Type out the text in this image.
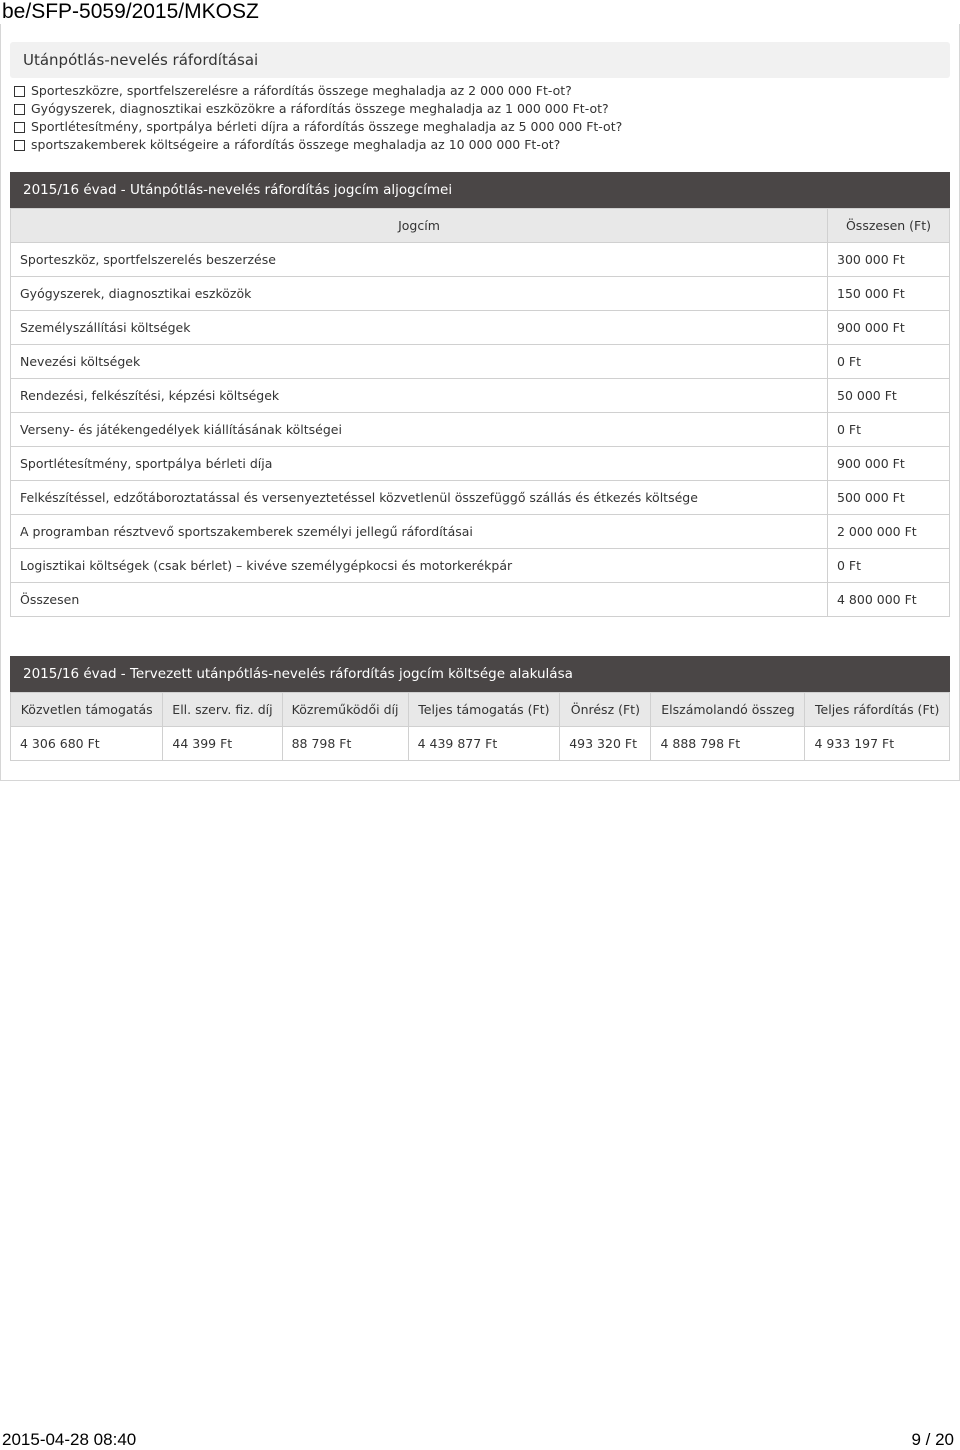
be/SFP-5059/2015/MKOSZ
Utánpótlás-nevelés ráfordításai
Sporteszközre, sportfelszerelésre a ráfordítás összege meghaladja az 2 000 000 Ft-ot?
Gyógyszerek, diagnosztikai eszközökre a ráfordítás összege meghaladja az 1 000 000 Ft-ot?
Sportlétesítmény, sportpálya bérleti díjra a ráfordítás összege meghaladja az 5 000 000 Ft-ot?
sportszakemberek költségeire a ráfordítás összege meghaladja az 10 000 000 Ft-ot?
2015/16 évad - Utánpótlás-nevelés ráfordítás jogcím aljogcímei
Jogcím	Összesen (Ft)
Sporteszköz, sportfelszerelés beszerzése	300 000 Ft
Gyógyszerek, diagnosztikai eszközök	150 000 Ft
Személyszállítási költségek	900 000 Ft
Nevezési költségek	0 Ft
Rendezési, felkészítési, képzési költségek	50 000 Ft
Verseny- és játékengedélyek kiállításának költségei	0 Ft
Sportlétesítmény, sportpálya bérleti díja	900 000 Ft
Felkészítéssel, edzőtáboroztatással és versenyeztetéssel közvetlenül összefüggő szállás és étkezés költsége	500 000 Ft
A programban résztvevő sportszakemberek személyi jellegű ráfordításai	2 000 000 Ft
Logisztikai költségek (csak bérlet) – kivéve személygépkocsi és motorkerékpár	0 Ft
Összesen	4 800 000 Ft
2015/16 évad - Tervezett utánpótlás-nevelés ráfordítás jogcím költsége alakulása
Közvetlen támogatás	Ell. szerv. fiz. díj	Közreműködői díj	Teljes támogatás (Ft)	Önrész (Ft)	Elszámolandó összeg	Teljes ráfordítás (Ft)
4 306 680 Ft	44 399 Ft	88 798 Ft	4 439 877 Ft	493 320 Ft	4 888 798 Ft	4 933 197 Ft
2015-04-28 08:40	9 / 20
